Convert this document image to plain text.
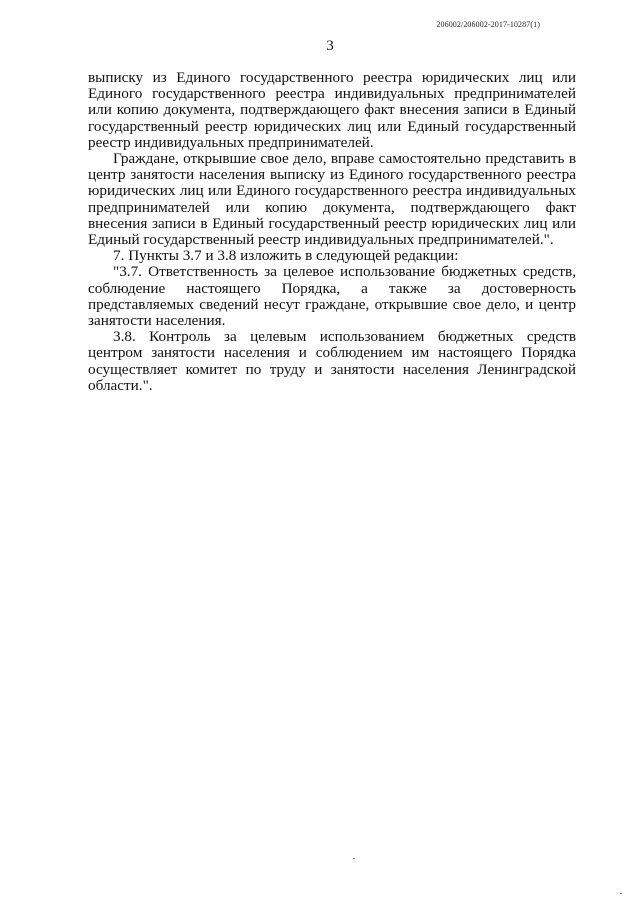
206002/206002-2017-10287(1)
3

выписку из Единого государственного реестра юридических лиц или Единого государственного реестра индивидуальных предпринимателей или копию документа, подтверждающего факт внесения записи в Единый государственный реестр юридических лиц или Единый государственный реестр индивидуальных предпринимателей.

Граждане, открывшие свое дело, вправе самостоятельно представить в центр занятости населения выписку из Единого государственного реестра юридических лиц или Единого государственного реестра индивидуальных предпринимателей или копию документа, подтверждающего факт внесения записи в Единый государственный реестр юридических лиц или Единый государственный реестр индивидуальных предпринимателей.".

7. Пункты 3.7 и 3.8 изложить в следующей редакции:

"3.7. Ответственность за целевое использование бюджетных средств, соблюдение настоящего Порядка, а также за достоверность представляемых сведений несут граждане, открывшие свое дело, и центр занятости населения.

3.8. Контроль за целевым использованием бюджетных средств центром занятости населения и соблюдением им настоящего Порядка осуществляет комитет по труду и занятости населения Ленинградской области.".
